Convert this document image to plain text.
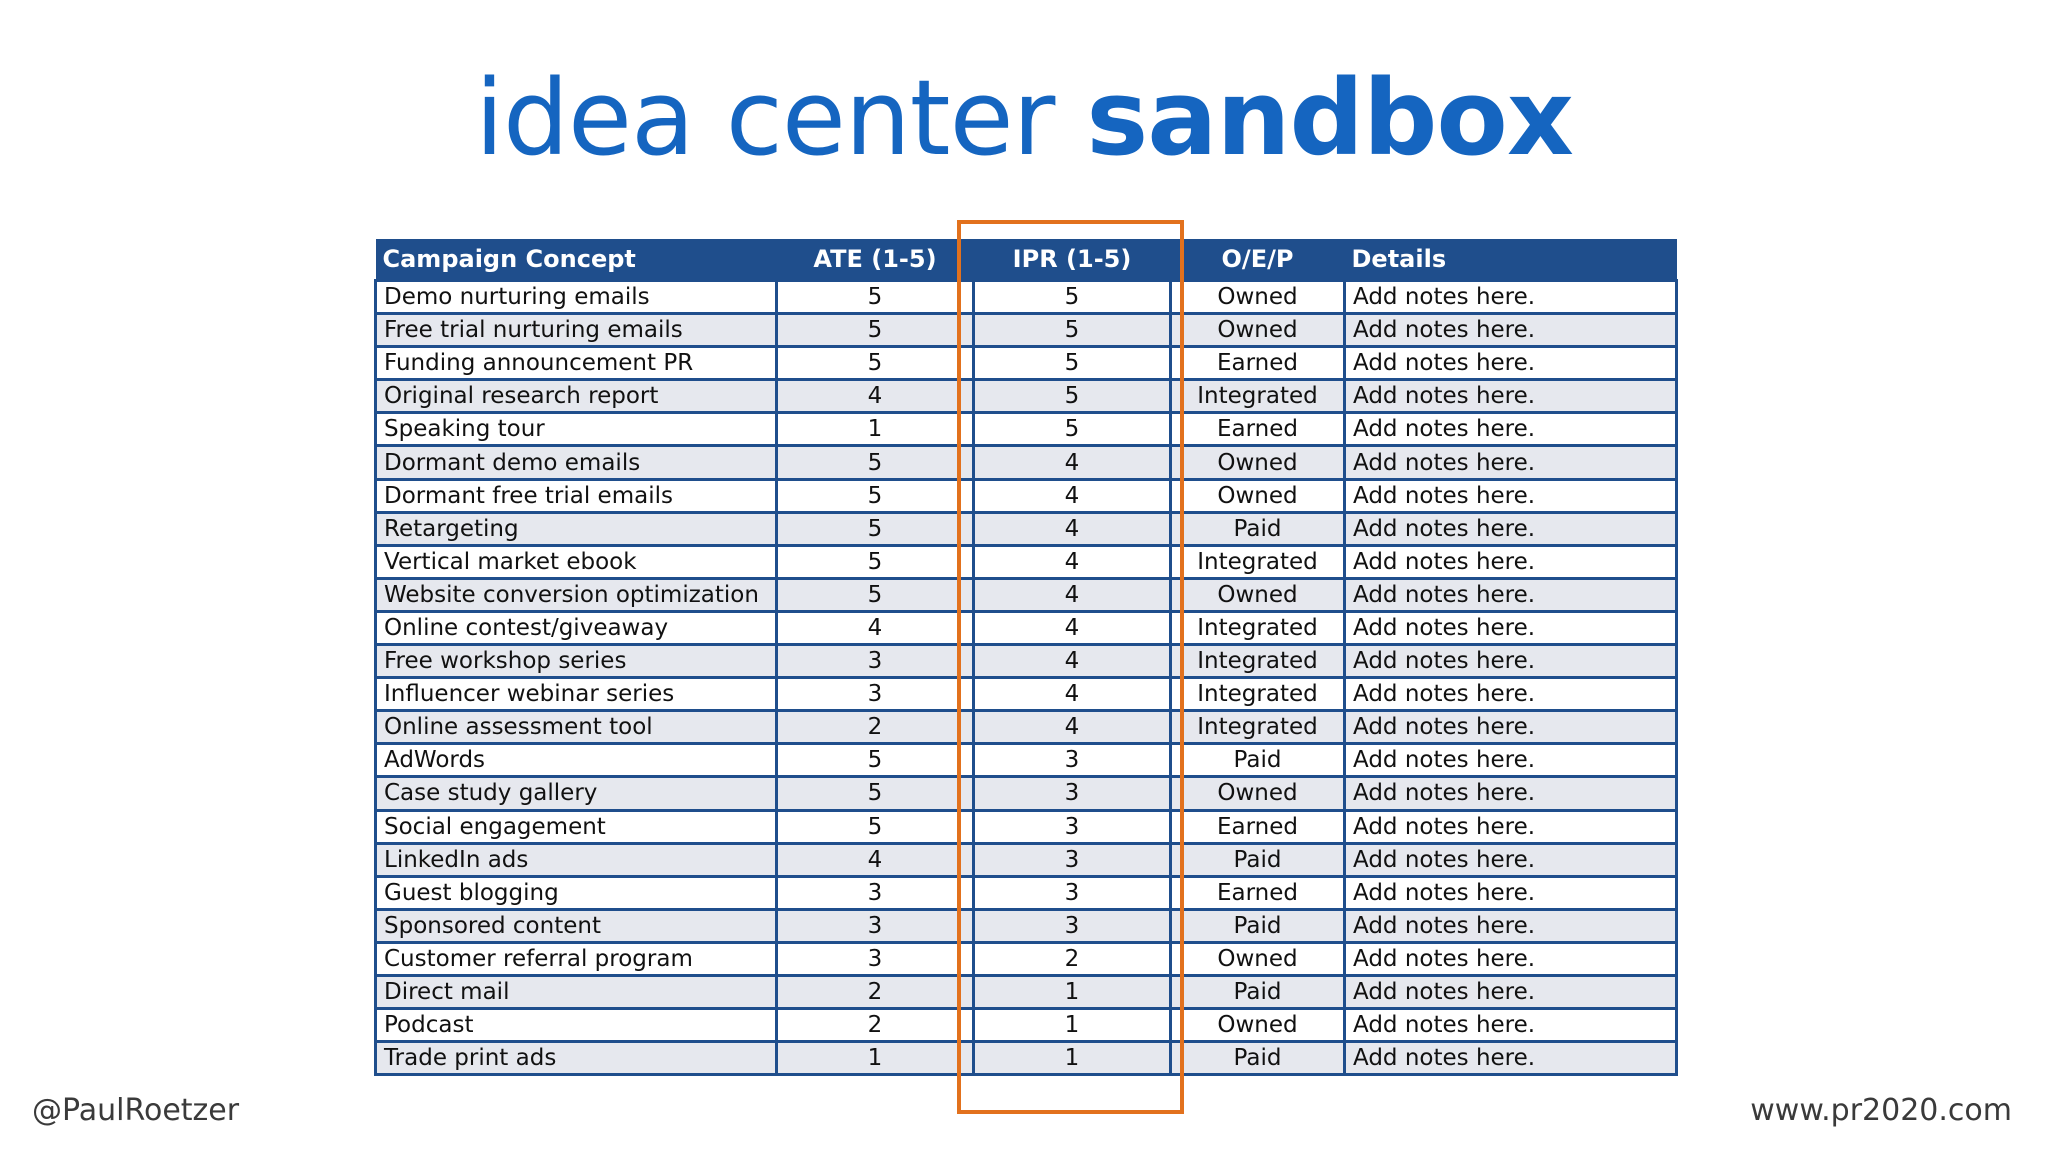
idea center sandbox
Campaign Concept	ATE (1-5)	IPR (1-5)	O/E/P	Details
Demo nurturing emails	5	5	Owned	Add notes here.
Free trial nurturing emails	5	5	Owned	Add notes here.
Funding announcement PR	5	5	Earned	Add notes here.
Original research report	4	5	Integrated	Add notes here.
Speaking tour	1	5	Earned	Add notes here.
Dormant demo emails	5	4	Owned	Add notes here.
Dormant free trial emails	5	4	Owned	Add notes here.
Retargeting	5	4	Paid	Add notes here.
Vertical market ebook	5	4	Integrated	Add notes here.
Website conversion optimization	5	4	Owned	Add notes here.
Online contest/giveaway	4	4	Integrated	Add notes here.
Free workshop series	3	4	Integrated	Add notes here.
Influencer webinar series	3	4	Integrated	Add notes here.
Online assessment tool	2	4	Integrated	Add notes here.
AdWords	5	3	Paid	Add notes here.
Case study gallery	5	3	Owned	Add notes here.
Social engagement	5	3	Earned	Add notes here.
LinkedIn ads	4	3	Paid	Add notes here.
Guest blogging	3	3	Earned	Add notes here.
Sponsored content	3	3	Paid	Add notes here.
Customer referral program	3	2	Owned	Add notes here.
Direct mail	2	1	Paid	Add notes here.
Podcast	2	1	Owned	Add notes here.
Trade print ads	1	1	Paid	Add notes here.
@PaulRoetzer	www.pr2020.com
